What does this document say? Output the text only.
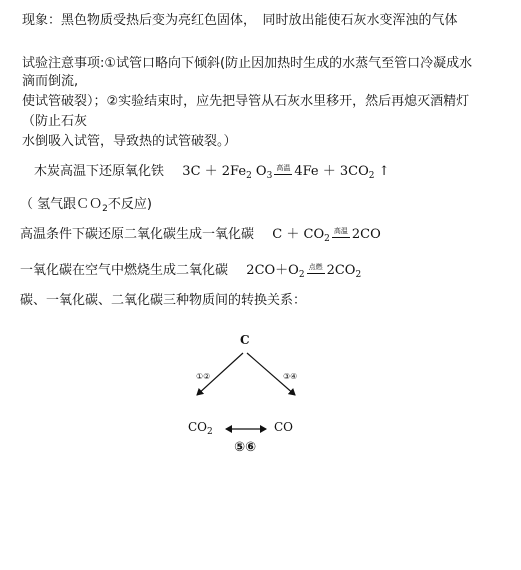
现象：黑色物质受热后变为亮红色固体，　同时放出能使石灰水变浑浊的气体
试验注意事项:①试管口略向下倾斜(防止因加热时生成的水蒸气至管口冷凝成水
滴而倒流,
使试管破裂）；②实验结束时，应先把导管从石灰水里移开，然后再熄灭酒精灯
（防止石灰
水倒吸入试管，导致热的试管破裂。）
木炭高温下还原氧化铁 $3C + 2Fe_2$ $O_3$
高温 $4Fe + 3CO_2$ ↑
（ 氢气跟ＣＯ$_2$不反应)
高温条件下碳还原二氧化碳生成一氧化碳 $C + CO_2$
高温 2CO
一氧化碳在空气中燃烧生成二氧化碳 $2CO+O_2$
点燃 $2CO_2$
碳、一氧化碳、二氧化碳三种物质间的转换关系：
C
①②	③④
$CO_2$	CO
⑤⑥
